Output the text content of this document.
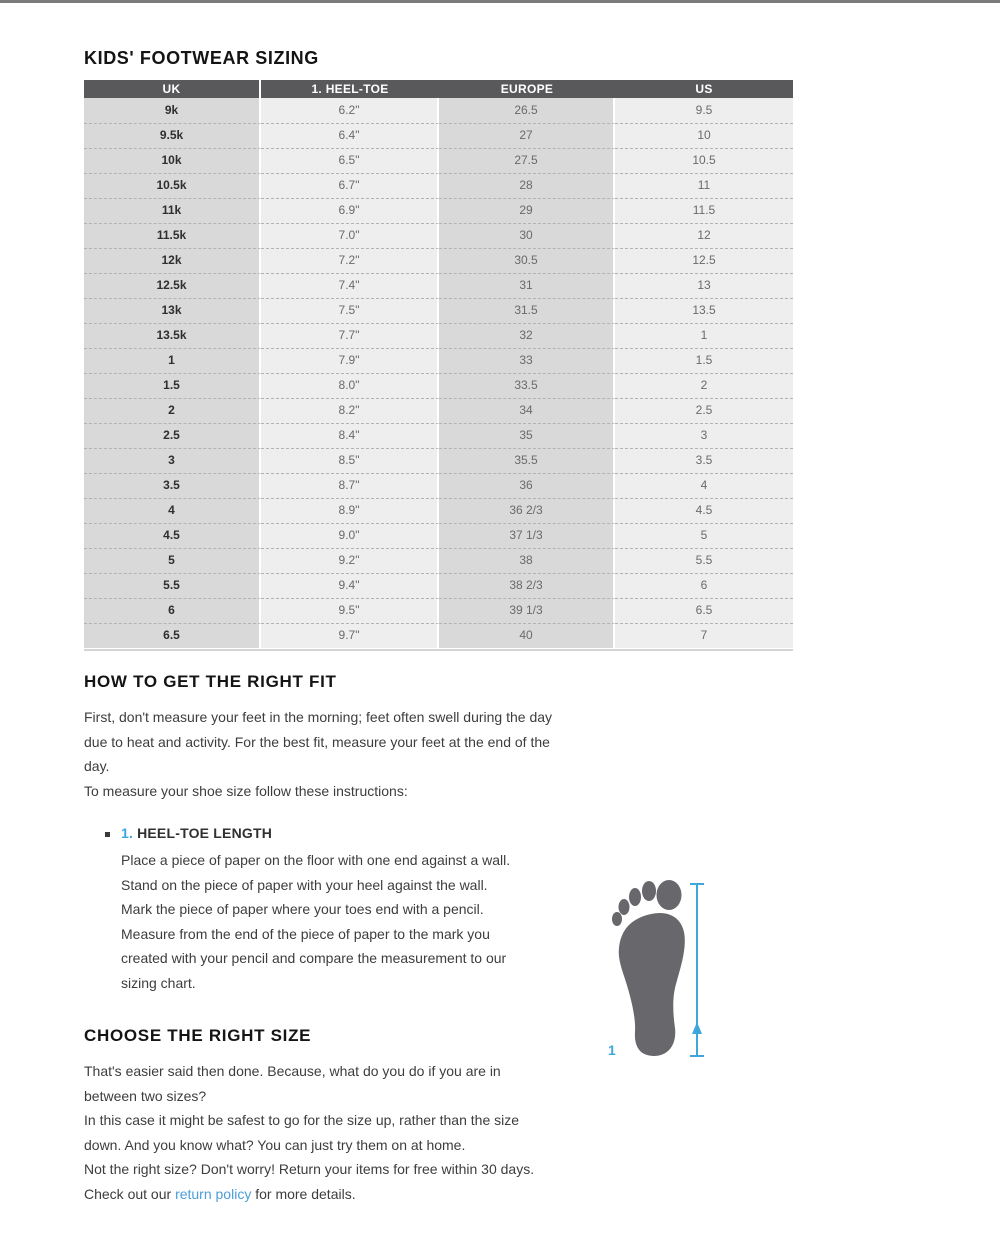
KIDS' FOOTWEAR SIZING
UK	1. HEEL-TOE	EUROPE	US
9k	6.2"	26.5	9.5
9.5k	6.4"	27	10
10k	6.5"	27.5	10.5
10.5k	6.7"	28	11
11k	6.9"	29	11.5
11.5k	7.0"	30	12
12k	7.2"	30.5	12.5
12.5k	7.4"	31	13
13k	7.5"	31.5	13.5
13.5k	7.7"	32	1
1	7.9"	33	1.5
1.5	8.0"	33.5	2
2	8.2"	34	2.5
2.5	8.4"	35	3
3	8.5"	35.5	3.5
3.5	8.7"	36	4
4	8.9"	36 2/3	4.5
4.5	9.0"	37 1/3	5
5	9.2"	38	5.5
5.5	9.4"	38 2/3	6
6	9.5"	39 1/3	6.5
6.5	9.7"	40	7
HOW TO GET THE RIGHT FIT

First, don't measure your feet in the morning; feet often swell during the day due to heat and activity. For the best fit, measure your feet at the end of the day.

To measure your shoe size follow these instructions:

1. HEEL-TOE LENGTH

Place a piece of paper on the floor with one end against a wall. Stand on the piece of paper with your heel against the wall. Mark the piece of paper where your toes end with a pencil. Measure from the end of the piece of paper to the mark you created with your pencil and compare the measurement to our sizing chart.

1
CHOOSE THE RIGHT SIZE

That's easier said then done. Because, what do you do if you are in between two sizes?

In this case it might be safest to go for the size up, rather than the size down. And you know what? You can just try them on at home.

Not the right size? Don't worry! Return your items for free within 30 days. Check out our return policy for more details.
